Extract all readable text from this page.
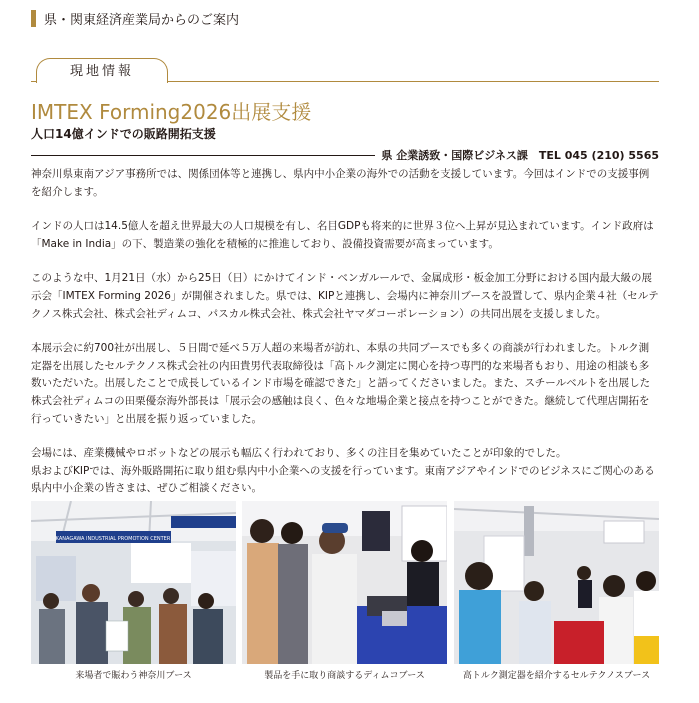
県・関東経済産業局からのご案内
現地情報
IMTEX Forming2026出展支援
人口14億インドでの販路開拓支援
県 企業誘致・国際ビジネス課　TEL 045 (210) 5565

神奈川県東南アジア事務所では、関係団体等と連携し、県内中小企業の海外での活動を支援しています。今回はインドでの支援事例を紹介します。

インドの人口は14.5億人を超え世界最大の人口規模を有し、名目GDPも将来的に世界３位へ上昇が見込まれています。インド政府は「Make in India」の下、製造業の強化を積極的に推進しており、設備投資需要が高まっています。

このような中、1月21日（水）から25日（日）にかけてインド・ベンガルールで、金属成形・板金加工分野における国内最大級の展示会「IMTEX Forming 2026」が開催されました。県では、KIPと連携し、会場内に神奈川ブースを設置して、県内企業４社（セルテクノス株式会社、株式会社ディムコ、パスカル株式会社、株式会社ヤマダコーポレーション）の共同出展を支援しました。

本展示会に約700社が出展し、５日間で延べ５万人超の来場者が訪れ、本県の共同ブースでも多くの商談が行われました。トルク測定器を出展したセルテクノス株式会社の内田貴男代表取締役は「高トルク測定に関心を持つ専門的な来場者もおり、用途の相談も多数いただいた。出展したことで成長しているインド市場を確認できた」と語ってくださいました。また、スチールベルトを出展した株式会社ディムコの田栗優奈海外部長は「展示会の感触は良く、色々な地場企業と接点を持つことができた。継続して代理店開拓を行っていきたい」と出展を振り返っていました。

会場には、産業機械やロボットなどの展示も幅広く行われており、多くの注目を集めていたことが印象的でした。

県およびKIPでは、海外販路開拓に取り組む県内中小企業への支援を行っています。東南アジアやインドでのビジネスにご関心のある県内中小企業の皆さまは、ぜひご相談ください。

KANAGAWA INDUSTRIAL PROMOTION CENTER
来場者で賑わう神奈川ブース	製品を手に取り商談するディムコブース	高トルク測定器を紹介するセルテクノスブース
